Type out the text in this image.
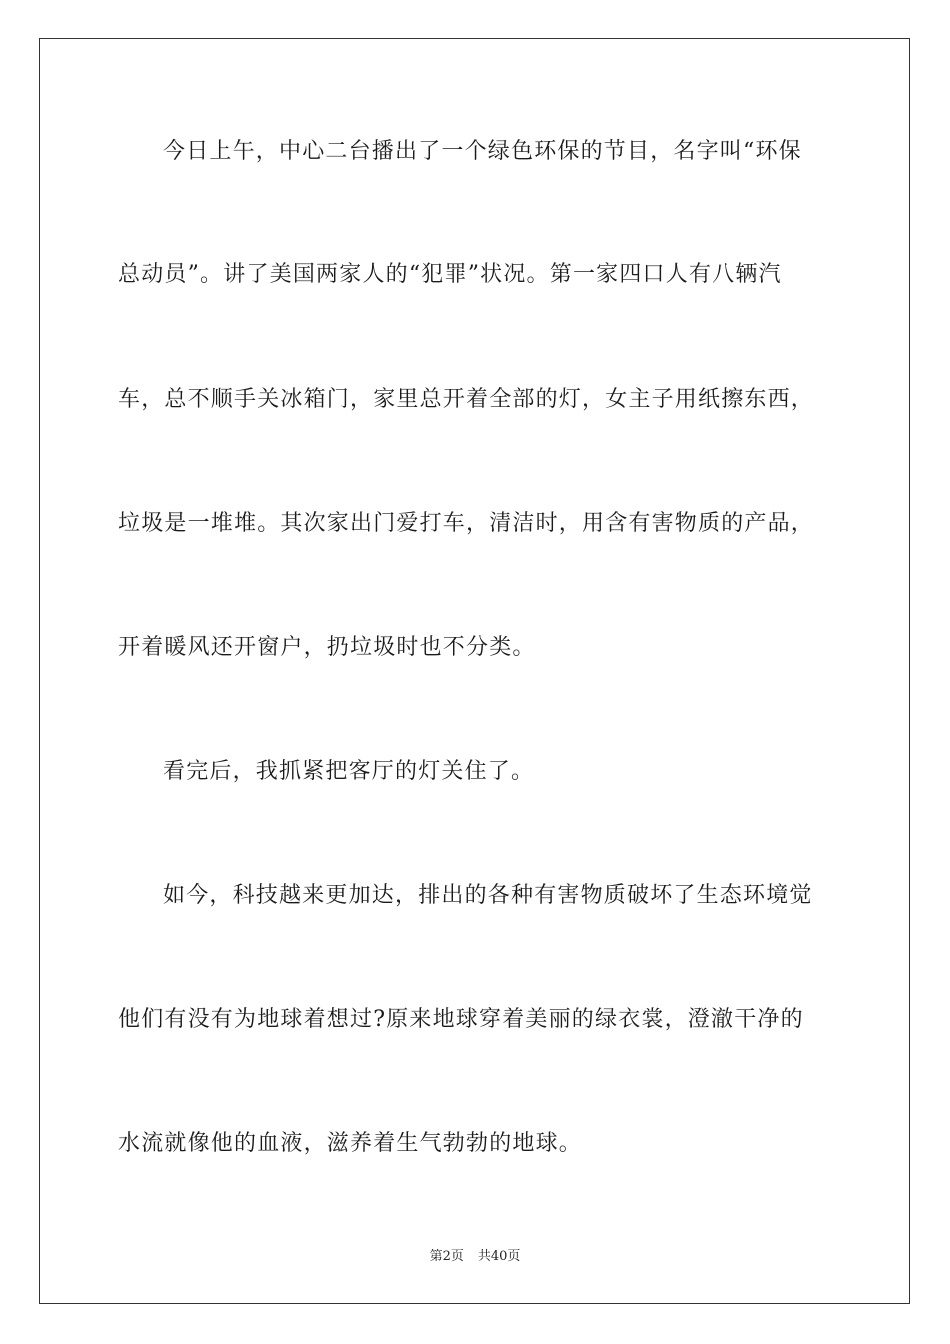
今日上午，中心二台播出了一个绿色环保的节目，名字叫“环保
总动员”。讲了美国两家人的“犯罪”状况。第一家四口人有八辆汽
车，总不顺手关冰箱门，家里总开着全部的灯，女主子用纸擦东西，
垃圾是一堆堆。其次家出门爱打车，清洁时，用含有害物质的产品，
开着暖风还开窗户，扔垃圾时也不分类。
看完后，我抓紧把客厅的灯关住了。
如今，科技越来更加达，排出的各种有害物质破坏了生态环境觉
他们有没有为地球着想过?原来地球穿着美丽的绿衣裳，澄澈干净的
水流就像他的血液，滋养着生气勃勃的地球。
第2页 共40页
